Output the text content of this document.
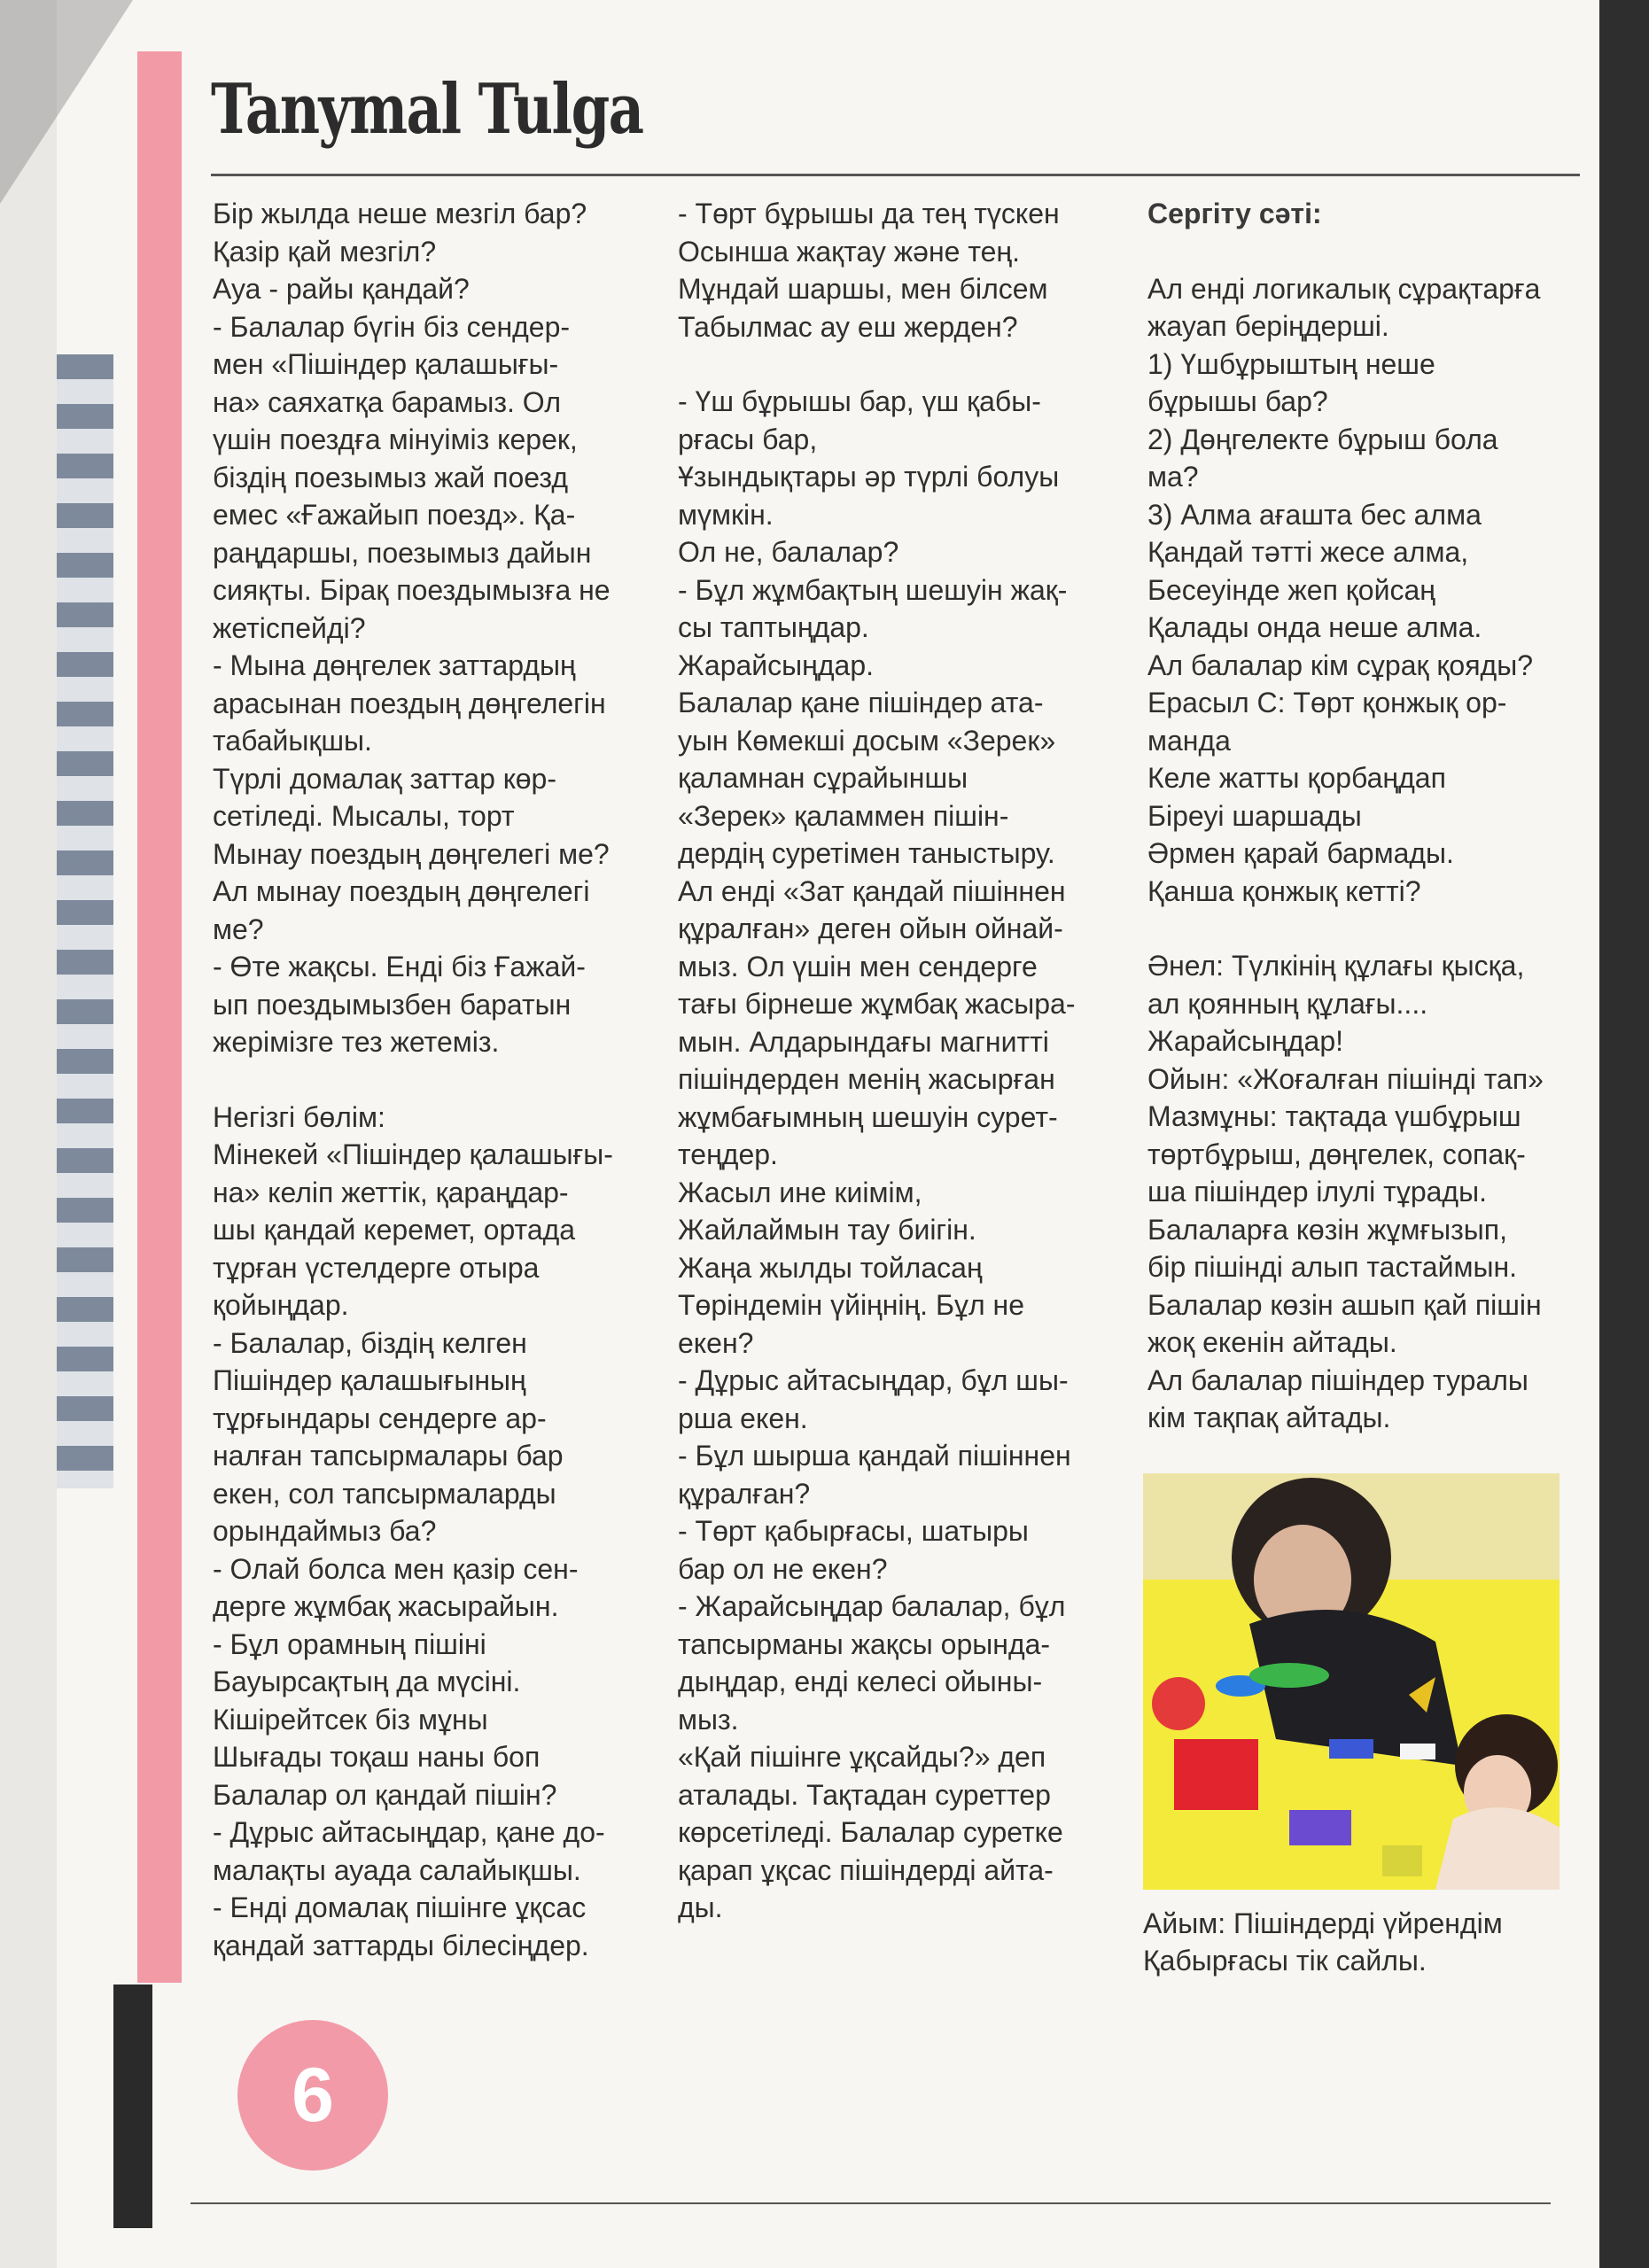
Tanymal Tulga

Бір жылда неше мезгіл бар?

Қазір қай мезгіл?

Ауа - райы қандай?

- Балалар бүгін біз сендер-

мен «Пішіндер қалашығы-

на» саяхатқа барамыз. Ол

үшін поездға мінуіміз керек,

біздің поезымыз жай поезд

емес «Ғажайып поезд». Қа-

раңдаршы, поезымыз дайын

сияқты. Бірақ поездымызға не

жетіспейді?

- Мына дөңгелек заттардың

арасынан поездың дөңгелегін

табайықшы.

Түрлі домалақ заттар көр-

сетіледі. Мысалы, торт

Мынау поездың дөңгелегі ме?

Ал мынау поездың дөңгелегі

ме?

- Өте жақсы. Енді біз Ғажай-

ып поездымызбен баратын

жерімізге тез жетеміз.

Негізгі бөлім:

Мінекей «Пішіндер қалашығы-

на» келіп жеттік, қараңдар-

шы қандай керемет, ортада

тұрған үстелдерге отыра

қойыңдар.

- Балалар, біздің келген

Пішіндер қалашығының

тұрғындары сендерге ар-

налған тапсырмалары бар

екен, сол тапсырмаларды

орындаймыз ба?

- Олай болса мен қазір сен-

дерге жұмбақ жасырайын.

- Бұл орамның пішіні

Бауырсақтың да мүсіні.

Кішірейтсек біз мұны

Шығады тоқаш наны боп

Балалар ол қандай пішін?

- Дұрыс айтасыңдар, қане до-

малақты ауада салайықшы.

- Енді домалақ пішінге ұқсас

қандай заттарды білесіңдер.

- Төрт бұрышы да тең түскен

Осынша жақтау және тең.

Мұндай шаршы, мен білсем

Табылмас ау еш жерден?

- Үш бұрышы бар, үш қабы-

рғасы бар,

Ұзындықтары әр түрлі болуы

мүмкін.

Ол не, балалар?

- Бұл жұмбақтың шешуін жақ-

сы таптыңдар.

Жарайсыңдар.

Балалар қане пішіндер ата-

уын Көмекші досым «Зерек»

қаламнан сұрайыншы

«Зерек» қаламмен пішін-

дердің суретімен таныстыру.

Ал енді «Зат қандай пішіннен

құралған» деген ойын ойнай-

мыз. Ол үшін мен сендерге

тағы бірнеше жұмбақ жасыра-

мын. Алдарындағы магнитті

пішіндерден менің жасырған

жұмбағымның шешуін сурет-

теңдер.

Жасыл ине киімім,

Жайлаймын тау биігін.

Жаңа жылды тойласаң

Төріндемін үйіңнің. Бұл не

екен?

- Дұрыс айтасыңдар, бұл шы-

рша екен.

- Бұл шырша қандай пішіннен

құралған?

- Төрт қабырғасы, шатыры

бар ол не екен?

- Жарайсыңдар балалар, бұл

тапсырманы жақсы орында-

дыңдар, енді келесі ойыны-

мыз.

«Қай пішінге ұқсайды?» деп

аталады. Тақтадан суреттер

көрсетіледі. Балалар суретке

қарап ұқсас пішіндерді айта-

ды.

Сергіту сәті:

Ал енді логикалық сұрақтарға

жауап беріңдерші.

1) Үшбұрыштың неше

бұрышы бар?

2) Дөңгелекте бұрыш бола

ма?

3) Алма ағашта бес алма

Қандай тәтті жесе алма,

Бесеуінде жеп қойсаң

Қалады онда неше алма.

Ал балалар кім сұрақ қояды?

Ерасыл С: Төрт қонжық ор-

манда

Келе жатты қорбаңдап

Біреуі шаршады

Әрмен қарай бармады.

Қанша қонжық кетті?

Әнел: Түлкінің құлағы қысқа,

ал қоянның құлағы....

Жарайсыңдар!

Ойын: «Жоғалған пішінді тап»

Мазмұны: тақтада үшбұрыш

төртбұрыш, дөңгелек, сопақ-

ша пішіндер ілулі тұрады.

Балаларға көзін жұмғызып,

бір пішінді алып тастаймын.

Балалар көзін ашып қай пішін

жоқ екенін айтады.

Ал балалар пішіндер туралы

кім тақпақ айтады.

Айым: Пішіндерді үйрендім

Қабырғасы тік сайлы.

6
